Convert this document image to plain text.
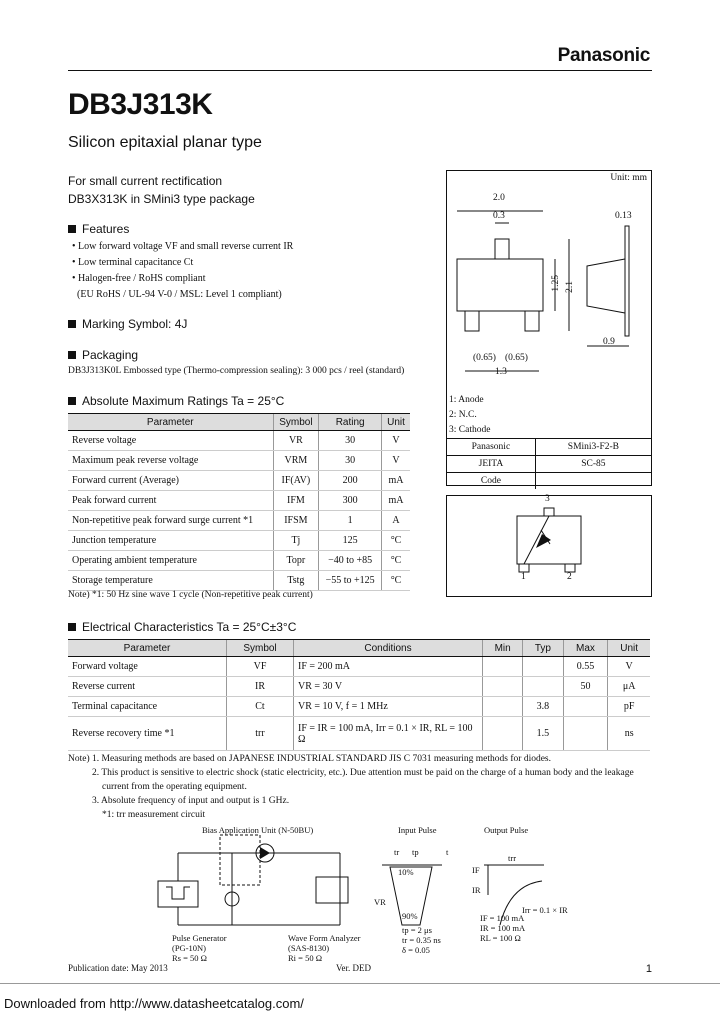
Panasonic
DB3J313K
Silicon epitaxial planar type
For small current rectification
DB3X313K in SMini3 type package
Features
• Low forward voltage VF and small reverse current IR
• Low terminal capacitance Ct
• Halogen-free / RoHS compliant
(EU RoHS / UL-94 V-0 / MSL: Level 1 compliant)
Marking Symbol: 4J
Packaging
DB3J313K0L Embossed type (Thermo-compression sealing): 3 000 pcs / reel (standard)
Absolute Maximum Ratings Ta = 25°C
Parameter	Symbol	Rating	Unit
Reverse voltage	VR	30	V
Maximum peak reverse voltage	VRM	30	V
Forward current (Average)	IF(AV)	200	mA
Peak forward current	IFM	300	mA
Non-repetitive peak forward surge current *1	IFSM	1	A
Junction temperature	Tj	125	°C
Operating ambient temperature	Topr	−40 to +85	°C
Storage temperature	Tstg	−55 to +125	°C
Note) *1: 50 Hz sine wave 1 cycle (Non-repetitive peak current)
Electrical Characteristics Ta = 25°C±3°C
Parameter	Symbol	Conditions	Min	Typ	Max	Unit
Forward voltage	VF	IF = 200 mA			0.55	V
Reverse current	IR	VR = 30 V			50	μA
Terminal capacitance	Ct	VR = 10 V, f = 1 MHz		3.8		pF
Reverse recovery time *1	trr	IF = IR = 100 mA, Irr = 0.1 × IR, RL = 100 Ω		1.5		ns
Note) 1. Measuring methods are based on JAPANESE INDUSTRIAL STANDARD JIS C 7031 measuring methods for diodes.
2. This product is sensitive to electric shock (static electricity, etc.). Due attention must be paid on the charge of a human body and the leakage
current from the operating equipment.
3. Absolute frequency of input and output is 1 GHz.
*1: trr measurement circuit
Unit: mm
2.0
0.3	0.13
1.25 2.1
(0.65) (0.65)
1.3
0.9
1: Anode
2: N.C.
3: Cathode
Panasonic	SMini3-F2-B
JEITA	SC-85
Code	
3
1	2
Bias Application Unit (N-50BU)
Pulse Generator
(PG-10N)
Rs = 50 Ω
Wave Form Analyzer
(SAS-8130)
Ri = 50 Ω
Input Pulse	Output Pulse
tr tp	t
10%
90%
VR
tp = 2 μs
tr = 0.35 ns
δ = 0.05
IF
trr
IR
Irr = 0.1 × IR
IF = 100 mA
IR = 100 mA
RL = 100 Ω
Publication date: May 2013	Ver. DED	1
Downloaded from http://www.datasheetcatalog.com/
